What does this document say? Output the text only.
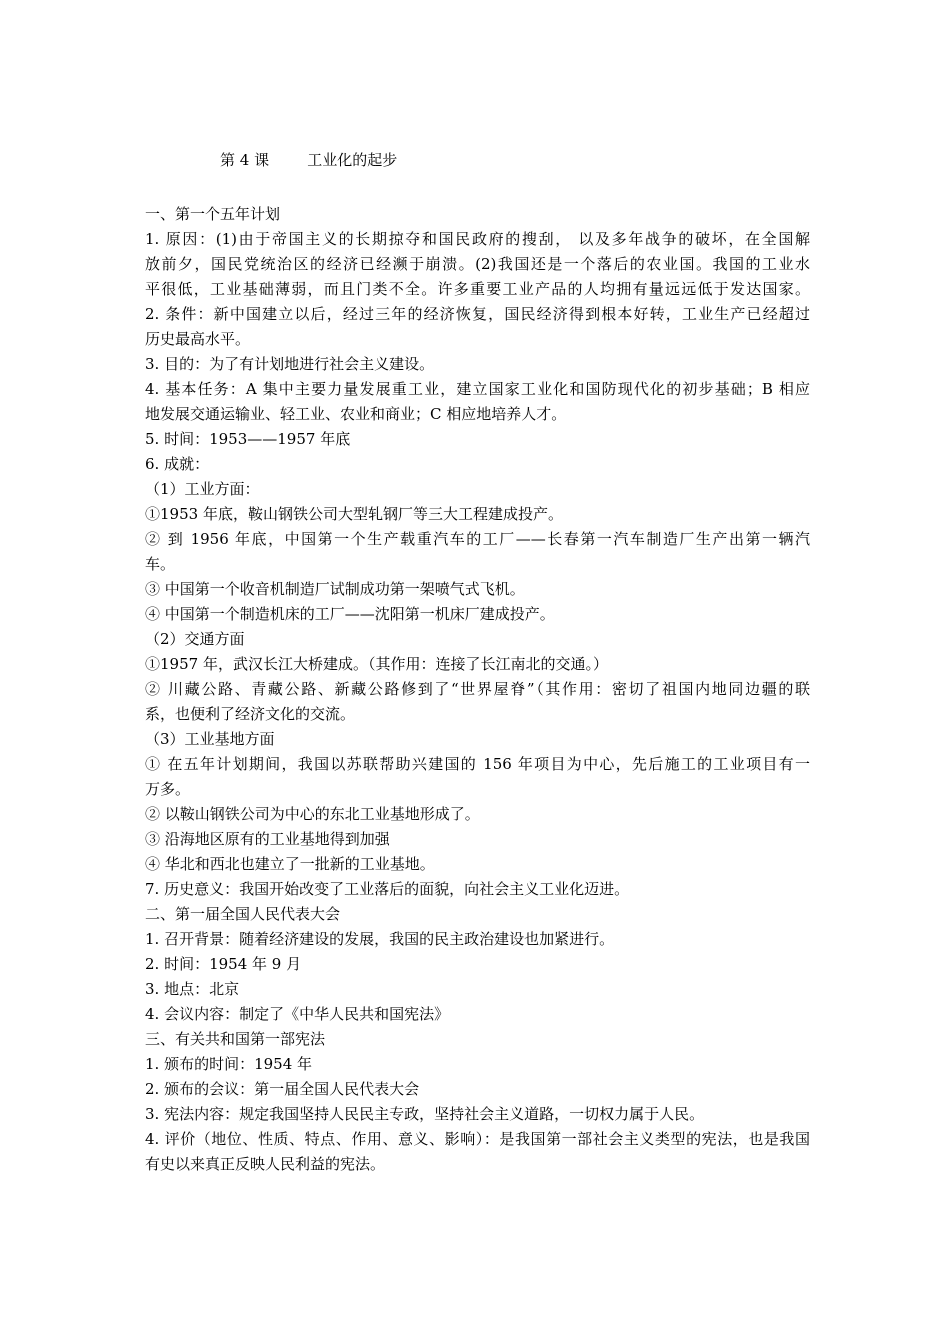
第 4 课        工业化的起步
一、第一个五年计划
1. 原因：(1)由于帝国主义的长期掠夺和国民政府的搜刮， 以及多年战争的破坏，在全国解
放前夕，国民党统治区的经济已经濒于崩溃。(2)我国还是一个落后的农业国。我国的工业水
平很低，工业基础薄弱，而且门类不全。许多重要工业产品的人均拥有量远远低于发达国家。
2. 条件：新中国建立以后，经过三年的经济恢复，国民经济得到根本好转，工业生产已经超过
历史最高水平。
3. 目的：为了有计划地进行社会主义建设。
4. 基本任务：A 集中主要力量发展重工业，建立国家工业化和国防现代化的初步基础；B 相应
地发展交通运输业、轻工业、农业和商业；C 相应地培养人才。
5. 时间：1953——1957 年底
6. 成就：
（1）工业方面：
①1953 年底，鞍山钢铁公司大型轧钢厂等三大工程建成投产。
② 到 1956 年底，中国第一个生产载重汽车的工厂——长春第一汽车制造厂生产出第一辆汽
车。
③ 中国第一个收音机制造厂试制成功第一架喷气式飞机。
④ 中国第一个制造机床的工厂——沈阳第一机床厂建成投产。
（2）交通方面
①1957 年，武汉长江大桥建成。（其作用：连接了长江南北的交通。）
② 川藏公路、青藏公路、新藏公路修到了“世界屋脊”（其作用：密切了祖国内地同边疆的联
系，也便利了经济文化的交流。
（3）工业基地方面
① 在五年计划期间，我国以苏联帮助兴建国的 156 年项目为中心，先后施工的工业项目有一
万多。
② 以鞍山钢铁公司为中心的东北工业基地形成了。
③ 沿海地区原有的工业基地得到加强
④ 华北和西北也建立了一批新的工业基地。
7. 历史意义：我国开始改变了工业落后的面貌，向社会主义工业化迈进。
二、第一届全国人民代表大会
1. 召开背景：随着经济建设的发展，我国的民主政治建设也加紧进行。
2. 时间：1954 年 9 月
3. 地点：北京
4. 会议内容：制定了《中华人民共和国宪法》
三、有关共和国第一部宪法
1. 颁布的时间：1954 年
2. 颁布的会议：第一届全国人民代表大会
3. 宪法内容：规定我国坚持人民民主专政，坚持社会主义道路，一切权力属于人民。
4. 评价（地位、性质、特点、作用、意义、影响）：是我国第一部社会主义类型的宪法，也是我国
有史以来真正反映人民利益的宪法。
